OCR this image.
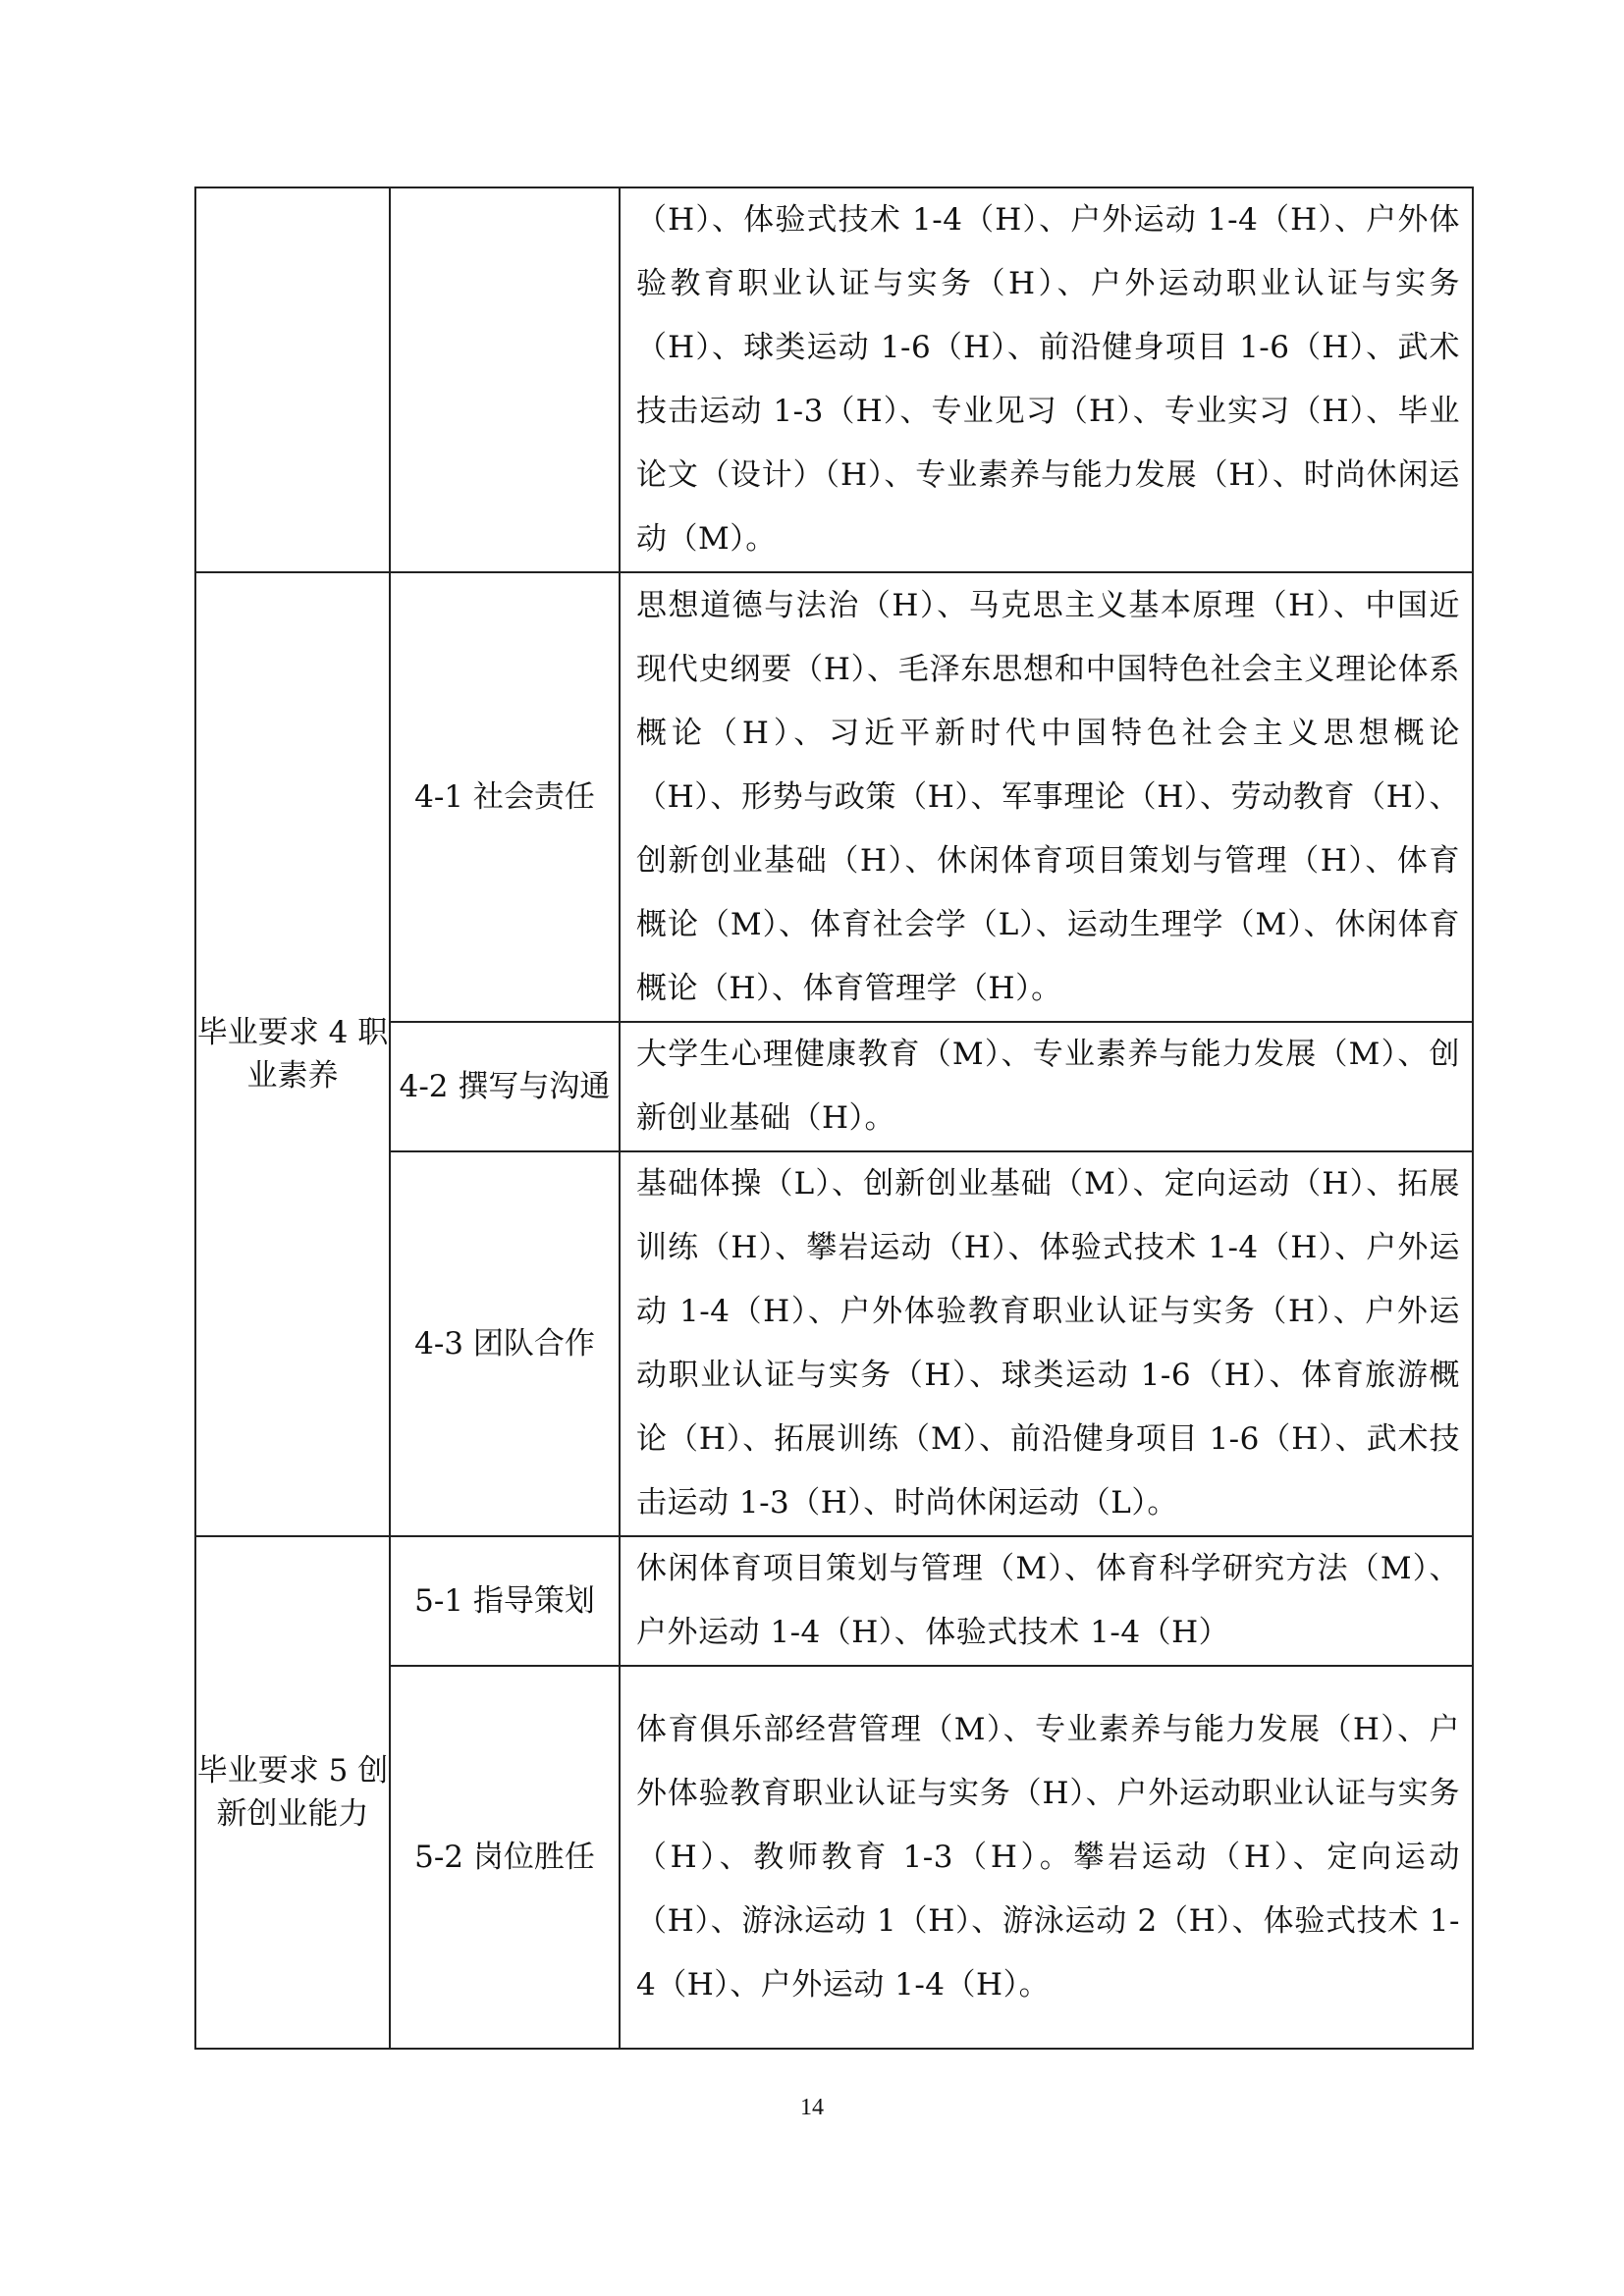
		（H）、体验式技术 1-4（H）、户外运动 1-4（H）、户外体验教育职业认证与实务（H）、户外运动职业认证与实务（H）、球类运动 1-6（H）、前沿健身项目 1-6（H）、武术技击运动 1-3（H）、专业见习（H）、专业实习（H）、毕业论文（设计）（H）、专业素养与能力发展（H）、时尚休闲运动（M）。
毕业要求 4 职业素养	4-1 社会责任	思想道德与法治（H）、马克思主义基本原理（H）、中国近现代史纲要（H）、毛泽东思想和中国特色社会主义理论体系概论（H）、习近平新时代中国特色社会主义思想概论（H）、形势与政策（H）、军事理论（H）、劳动教育（H）、创新创业基础（H）、休闲体育项目策划与管理（H）、体育概论（M）、体育社会学（L）、运动生理学（M）、休闲体育概论（H）、体育管理学（H）。
	4-2 撰写与沟通	大学生心理健康教育（M）、专业素养与能力发展（M）、创新创业基础（H）。
	4-3 团队合作	基础体操（L）、创新创业基础（M）、定向运动（H）、拓展训练（H）、攀岩运动（H）、体验式技术 1-4（H）、户外运动 1-4（H）、户外体验教育职业认证与实务（H）、户外运动职业认证与实务（H）、球类运动 1-6（H）、体育旅游概论（H）、拓展训练（M）、前沿健身项目 1-6（H）、武术技击运动 1-3（H）、时尚休闲运动（L）。
毕业要求 5 创新创业能力	5-1 指导策划	休闲体育项目策划与管理（M）、体育科学研究方法（M）、户外运动 1-4（H）、体验式技术 1-4（H）
	5-2 岗位胜任	体育俱乐部经营管理（M）、专业素养与能力发展（H）、户外体验教育职业认证与实务（H）、户外运动职业认证与实务（H）、教师教育 1-3（H）。攀岩运动（H）、定向运动（H）、游泳运动 1（H）、游泳运动 2（H）、体验式技术 1-4（H）、户外运动 1-4（H）。
14
